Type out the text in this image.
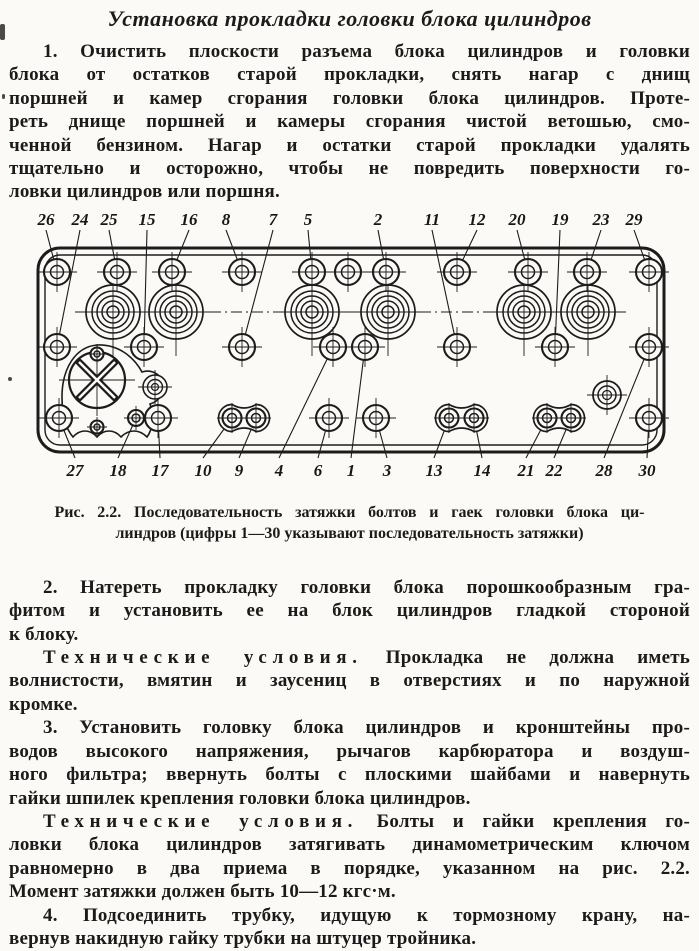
Установка прокладки головки блока цилиндров
1. Очистить плоскости разъема блока цилиндров и головки
блока от остатков старой прокладки, снять нагар с днищ
поршней и камер сгорания головки блока цилиндров. Проте-
реть днище поршней и камеры сгорания чистой ветошью, смо-
ченной бензином. Нагар и остатки старой прокладки удалять
тщательно и осторожно, чтобы не повредить поверхности го-
ловки цилиндров или поршня.
26 24 25 15 16 8 7 5	2 11 12 20 19 23 29
27 18 17 10 9 4 6 1 3 13 14 21 22 28 30
Рис. 2.2. Последовательность затяжки болтов и гаек головки блока ци-
линдров (цифры 1—30 указывают последовательность затяжки)
2. Натереть прокладку головки блока порошкообразным гра-
фитом и установить ее на блок цилиндров гладкой стороной
к блоку.
Технические условия. Прокладка не должна иметь
волнистости, вмятин и заусениц в отверстиях и по наружной
кромке.
3. Установить головку блока цилиндров и кронштейны про-
водов высокого напряжения, рычагов карбюратора и воздуш-
ного фильтра; ввернуть болты с плоскими шайбами и навернуть
гайки шпилек крепления головки блока цилиндров.
Технические условия. Болты и гайки крепления го-
ловки блока цилиндров затягивать динамометрическим ключом
равномерно в два приема в порядке, указанном на рис. 2.2.
Момент затяжки должен быть 10—12 кгс·м.
4. Подсоединить трубку, идущую к тормозному крану, на-
вернув накидную гайку трубки на штуцер тройника.
